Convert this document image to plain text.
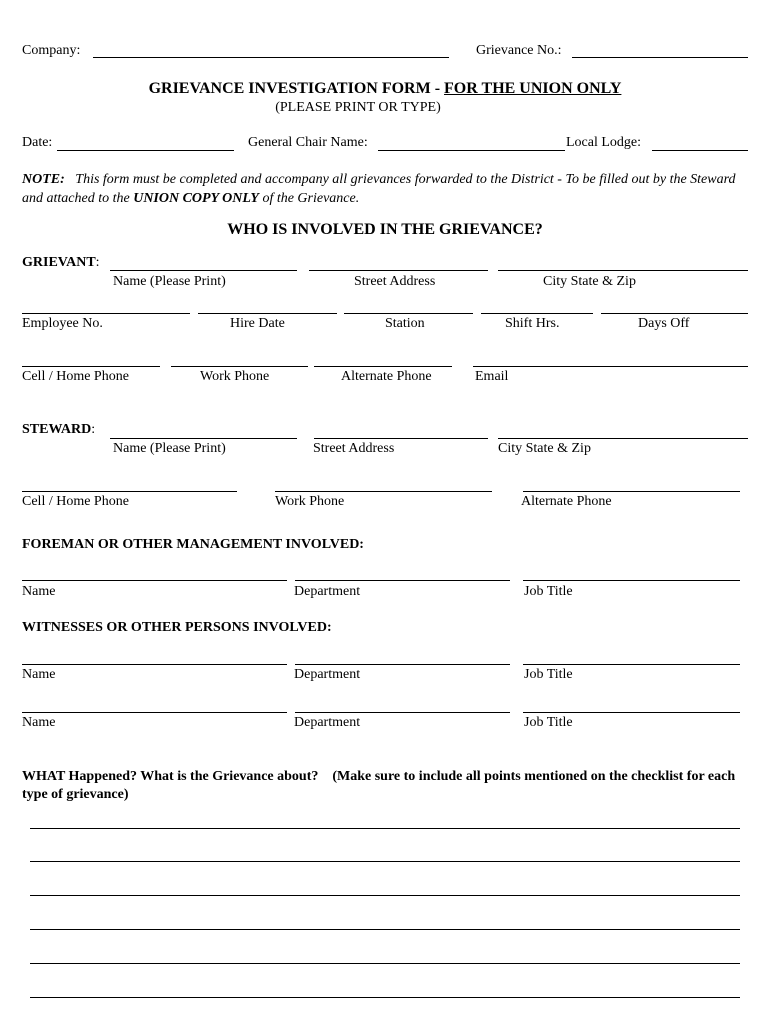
Company:	Grievance No.:
GRIEVANCE INVESTIGATION FORM - FOR THE UNION ONLY
(PLEASE PRINT OR TYPE)
Date:	General Chair Name:	Local Lodge:
NOTE: This form must be completed and accompany all grievances forwarded to the District - To be filled out by the Steward and attached to the UNION COPY ONLY of the Grievance.
WHO IS INVOLVED IN THE GRIEVANCE?
GRIEVANT:
Name (Please Print)	Street Address	City State & Zip
Employee No.	Hire Date	Station	Shift Hrs.	Days Off
Cell / Home Phone	Work Phone	Alternate Phone	Email
STEWARD:
Name (Please Print)	Street Address	City State & Zip
Cell / Home Phone	Work Phone	Alternate Phone
FOREMAN OR OTHER MANAGEMENT INVOLVED:
Name	Department	Job Title
WITNESSES OR OTHER PERSONS INVOLVED:
Name	Department	Job Title
Name	Department	Job Title
WHAT Happened? What is the Grievance about? (Make sure to include all points mentioned on the checklist for each type of grievance)
